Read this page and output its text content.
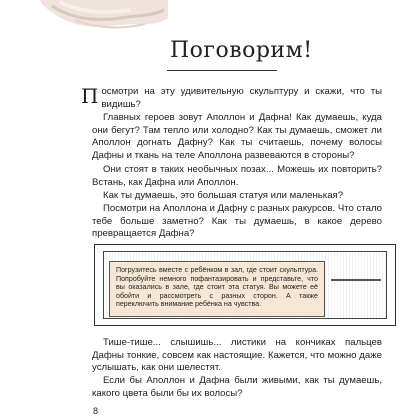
Поговорим!

Посмотри на эту удивительную скульптуру и скажи, что ты видишь?

Главных героев зовут Аполлон и Дафна! Как думаешь, куда они бегут? Там тепло или холодно? Как ты думаешь, сможет ли Аполлон догнать Дафну? Как ты считаешь, почему волосы Дафны и ткань на теле Аполлона развеваются в стороны?

Они стоят в таких необычных позах... Можешь их повторить? Встань, как Дафна или Аполлон.

Как ты думаешь, это большая статуя или маленькая?

Посмотри на Аполлона и Дафну с разных ракурсов. Что стало тебе больше заметно? Как ты думаешь, в какое дерево превращается Дафна?

Погрузитесь вместе с ребёнком в зал, где стоит скульптура. Попробуйте немного пофантазировать и представьте, что вы оказались в зале, где стоит эта статуя. Вы можете её обойти и рассмотреть с разных сторон. А также переключить внимание ребёнка на чувства.

Тише-тише... слышишь... листики на кончиках пальцев Дафны тонкие, совсем как настоящие. Кажется, что можно даже услышать, как они шелестят.

Если бы Аполлон и Дафна были живыми, как ты думаешь, какого цвета были бы их волосы?

8
